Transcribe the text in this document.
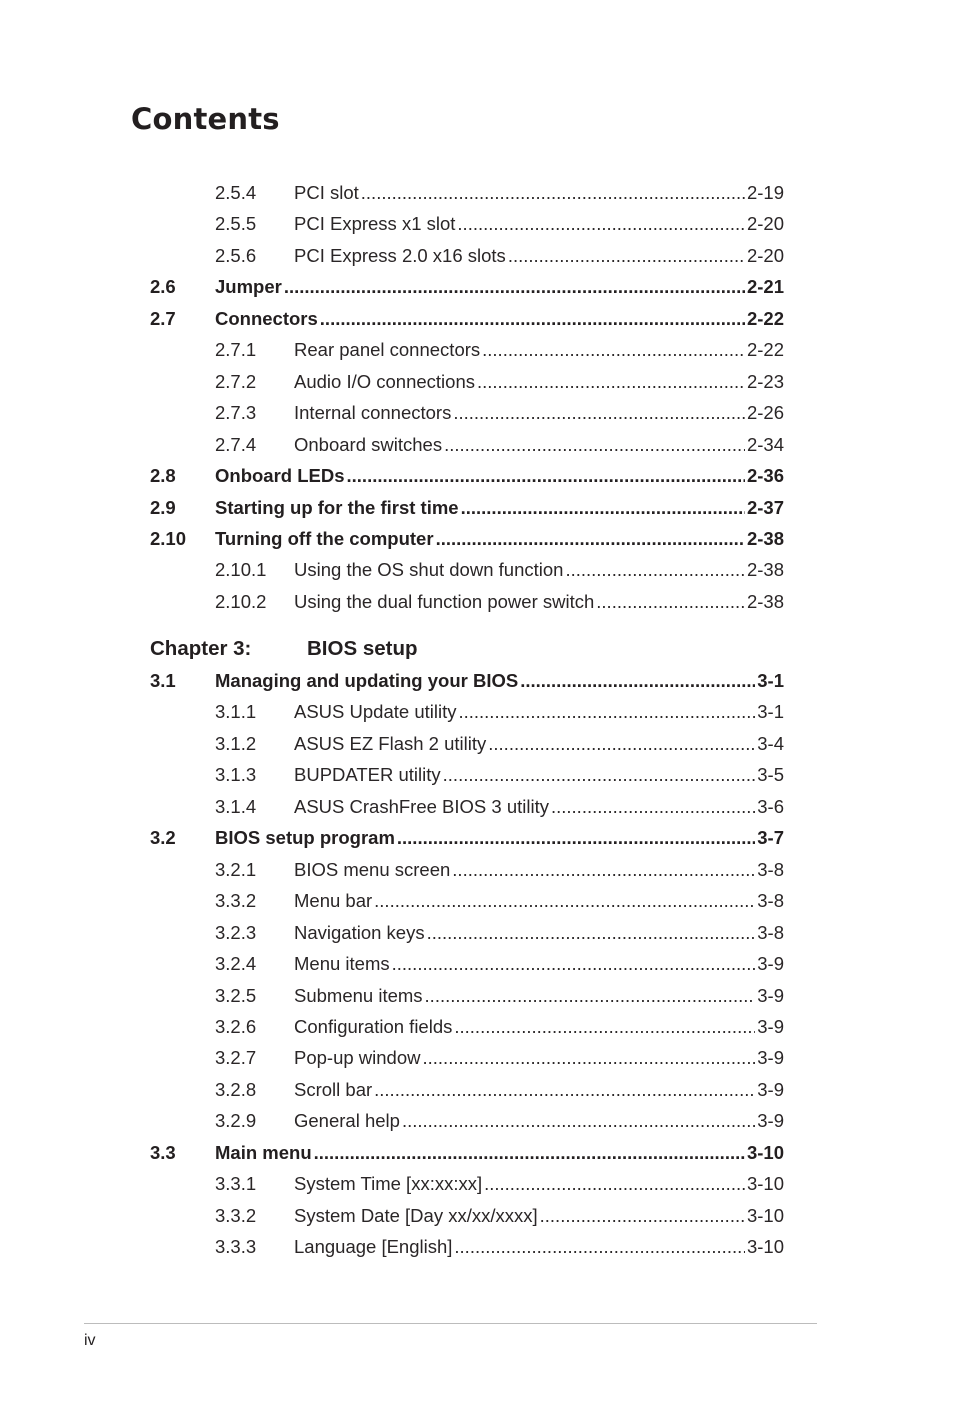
Contents
2.5.4 PCI slot .....	2-19
2.5.5 PCI Express x1 slot .....	2-20
2.5.6 PCI Express 2.0 x16 slots .....	2-20
2.6 Jumper .....	2-21
2.7 Connectors .....	2-22
2.7.1 Rear panel connectors .....	2-22
2.7.2 Audio I/O connections .....	2-23
2.7.3 Internal connectors .....	2-26
2.7.4 Onboard switches .....	2-34
2.8 Onboard LEDs .....	2-36
2.9 Starting up for the first time .....	2-37
2.10 Turning off the computer .....	2-38
2.10.1 Using the OS shut down function .....	2-38
2.10.2 Using the dual function power switch .....	2-38
Chapter 3:	BIOS setup
3.1 Managing and updating your BIOS .....	3-1
3.1.1 ASUS Update utility .....	3-1
3.1.2 ASUS EZ Flash 2 utility .....	3-4
3.1.3 BUPDATER utility .....	3-5
3.1.4 ASUS CrashFree BIOS 3 utility .....	3-6
3.2 BIOS setup program .....	3-7
3.2.1 BIOS menu screen .....	3-8
3.3.2 Menu bar .....	3-8
3.2.3 Navigation keys .....	3-8
3.2.4 Menu items .....	3-9
3.2.5 Submenu items .....	3-9
3.2.6 Configuration fields .....	3-9
3.2.7 Pop-up window .....	3-9
3.2.8 Scroll bar .....	3-9
3.2.9 General help .....	3-9
3.3 Main menu .....	3-10
3.3.1 System Time [xx:xx:xx] .....	3-10
3.3.2 System Date [Day xx/xx/xxxx] .....	3-10
3.3.3 Language [English] .....	3-10
iv
